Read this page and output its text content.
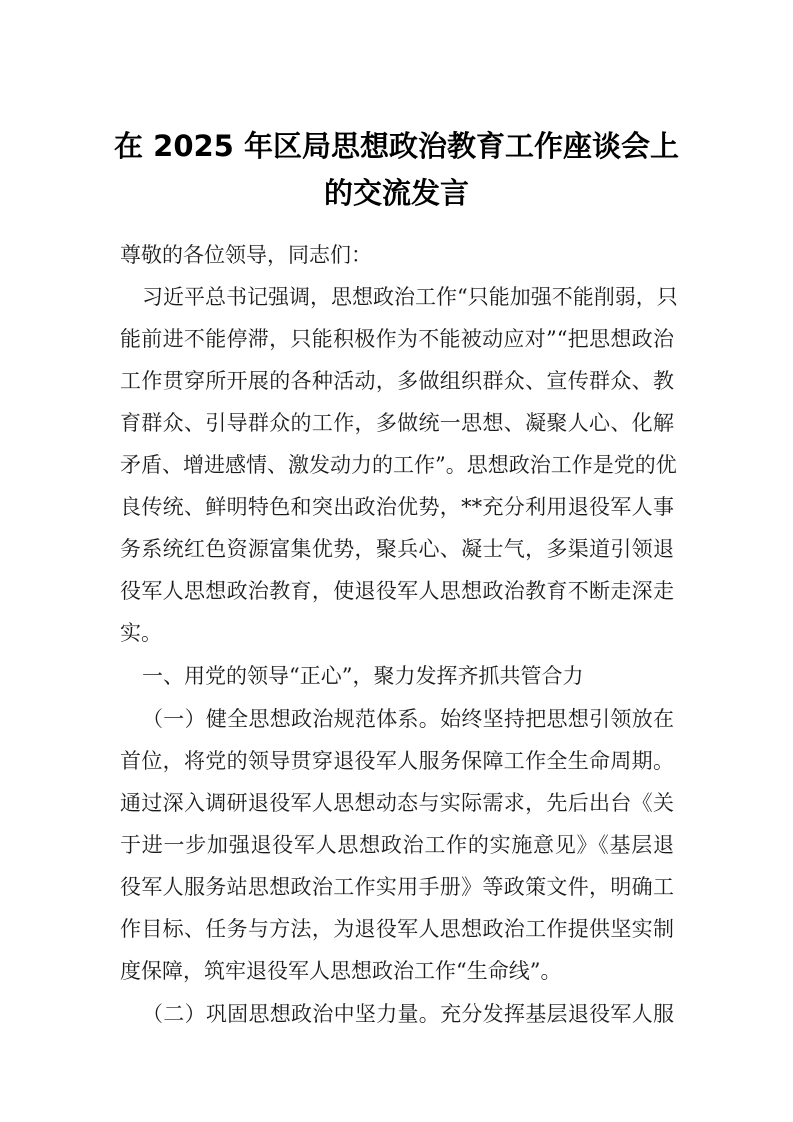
在 2025 年区局思想政治教育工作座谈会上
的交流发言
尊敬的各位领导，同志们：
习近平总书记强调，思想政治工作“只能加强不能削弱，只
能前进不能停滞，只能积极作为不能被动应对”“把思想政治
工作贯穿所开展的各种活动，多做组织群众、宣传群众、教
育群众、引导群众的工作，多做统一思想、凝聚人心、化解
矛盾、增进感情、激发动力的工作”。思想政治工作是党的优
良传统、鲜明特色和突出政治优势，**充分利用退役军人事
务系统红色资源富集优势，聚兵心、凝士气，多渠道引领退
役军人思想政治教育，使退役军人思想政治教育不断走深走
实。
一、用党的领导“正心”，聚力发挥齐抓共管合力
（一）健全思想政治规范体系。始终坚持把思想引领放在
首位，将党的领导贯穿退役军人服务保障工作全生命周期。
通过深入调研退役军人思想动态与实际需求，先后出台《关
于进一步加强退役军人思想政治工作的实施意见》《基层退
役军人服务站思想政治工作实用手册》等政策文件，明确工
作目标、任务与方法，为退役军人思想政治工作提供坚实制
度保障，筑牢退役军人思想政治工作“生命线”。
（二）巩固思想政治中坚力量。充分发挥基层退役军人服
